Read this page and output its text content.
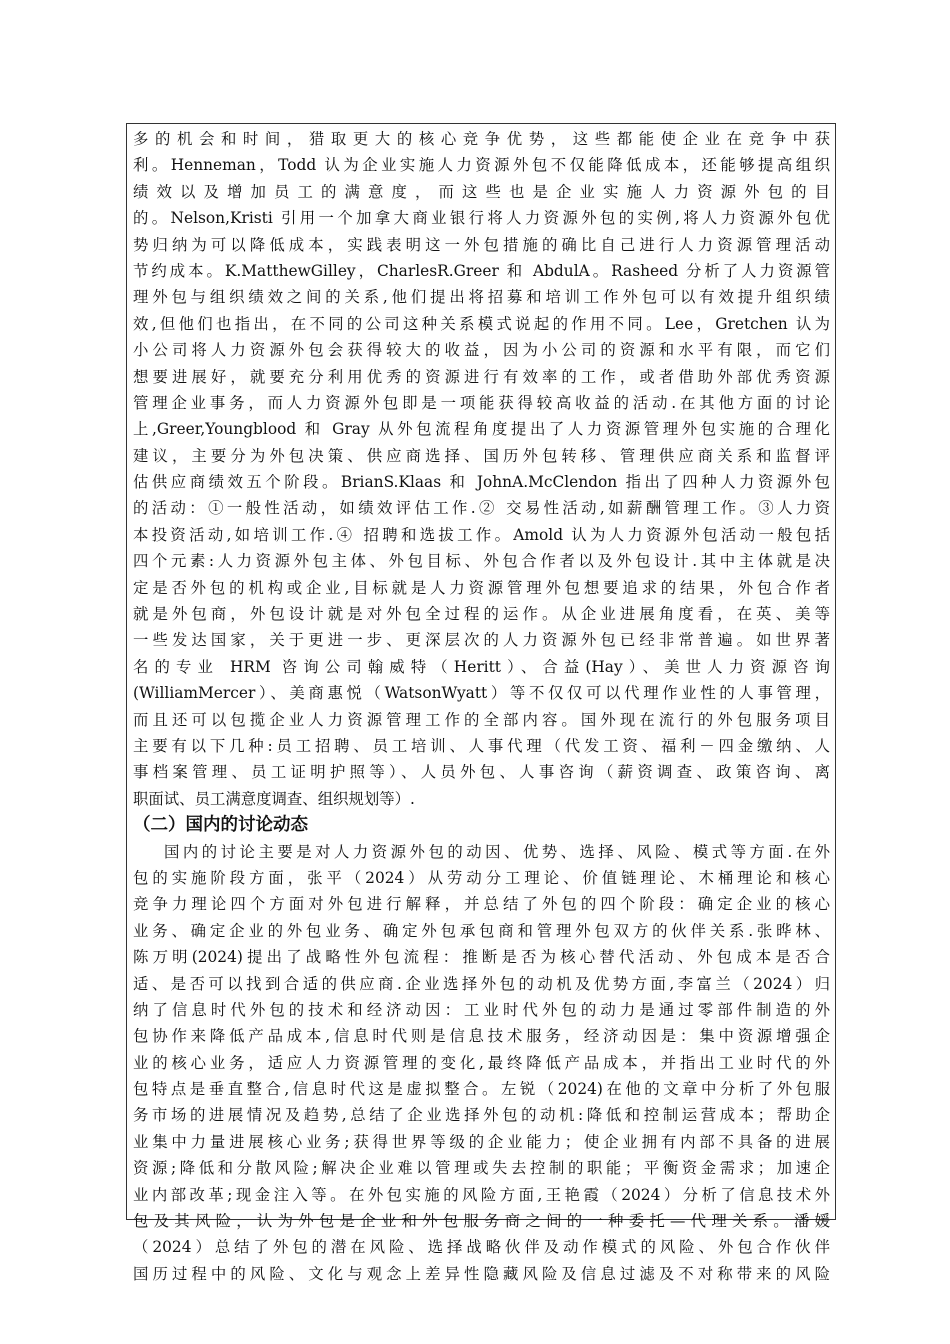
多的机会和时间，猎取更大的核心竞争优势，这些都能使企业在竞争中获
利。Henneman，Todd 认为企业实施人力资源外包不仅能降低成本，还能够提高组织
绩效以及增加员工的满意度，而这些也是企业实施人力资源外包的目
的。Nelson,Kristi 引用一个加拿大商业银行将人力资源外包的实例,将人力资源外包优
势归纳为可以降低成本，实践表明这一外包措施的确比自己进行人力资源管理活动
节约成本。K.MatthewGilley，CharlesR.Greer 和 AbdulA。Rasheed 分析了人力资源管
理外包与组织绩效之间的关系,他们提出将招募和培训工作外包可以有效提升组织绩
效,但他们也指出，在不同的公司这种关系模式说起的作用不同。Lee，Gretchen 认为
小公司将人力资源外包会获得较大的收益，因为小公司的资源和水平有限，而它们
想要进展好，就要充分利用优秀的资源进行有效率的工作，或者借助外部优秀资源
管理企业事务，而人力资源外包即是一项能获得较高收益的活动.在其他方面的讨论
上,Greer,Youngblood 和 Gray 从外包流程角度提出了人力资源管理外包实施的合理化
建议，主要分为外包决策、供应商选择、国历外包转移、管理供应商关系和监督评
估供应商绩效五个阶段。BrianS.Klaas 和 JohnA.McClendon 指出了四种人力资源外包
的活动：①一般性活动，如绩效评估工作.② 交易性活动,如薪酬管理工作。③人力资
本投资活动,如培训工作.④ 招聘和选拔工作。Amold 认为人力资源外包活动一般包括
四个元素:人力资源外包主体、外包目标、外包合作者以及外包设计.其中主体就是决
定是否外包的机构或企业,目标就是人力资源管理外包想要追求的结果，外包合作者
就是外包商，外包设计就是对外包全过程的运作。从企业进展角度看，在英、美等
一些发达国家，关于更进一步、更深层次的人力资源外包已经非常普遍。如世界著
名的专业 HRM 咨询公司翰威特（Heritt）、合益(Hay）、美世人力资源咨询
(WilliamMercer）、美商惠悦（WatsonWyatt）等不仅仅可以代理作业性的人事管理，
而且还可以包揽企业人力资源管理工作的全部内容。国外现在流行的外包服务项目
主要有以下几种:员工招聘、员工培训、人事代理（代发工资、福利－四金缴纳、人
事档案管理、员工证明护照等）、人员外包、人事咨询（薪资调查、政策咨询、离
职面试、员工满意度调查、组织规划等）.
（二）国内的讨论动态
国内的讨论主要是对人力资源外包的动因、优势、选择、风险、模式等方面.在外
包的实施阶段方面，张平（2024）从劳动分工理论、价值链理论、木桶理论和核心
竞争力理论四个方面对外包进行解释，并总结了外包的四个阶段：确定企业的核心
业务、确定企业的外包业务、确定外包承包商和管理外包双方的伙伴关系.张晔林、
陈万明(2024)提出了战略性外包流程：推断是否为核心替代活动、外包成本是否合
适、是否可以找到合适的供应商.企业选择外包的动机及优势方面,李富兰（2024）归
纳了信息时代外包的技术和经济动因：工业时代外包的动力是通过零部件制造的外
包协作来降低产品成本,信息时代则是信息技术服务，经济动因是：集中资源增强企
业的核心业务，适应人力资源管理的变化,最终降低产品成本，并指出工业时代的外
包特点是垂直整合,信息时代这是虚拟整合。左锐（2024)在他的文章中分析了外包服
务市场的进展情况及趋势,总结了企业选择外包的动机:降低和控制运营成本；帮助企
业集中力量进展核心业务;获得世界等级的企业能力；使企业拥有内部不具备的进展
资源;降低和分散风险;解决企业难以管理或失去控制的职能；平衡资金需求；加速企
业内部改革;现金注入等。在外包实施的风险方面,王艳霞（2024）分析了信息技术外
包及其风险，认为外包是企业和外包服务商之间的一种委托—代理关系。潘媛
（2024）总结了外包的潜在风险、选择战略伙伴及动作模式的风险、外包合作伙伴
国历过程中的风险、文化与观念上差异性隐藏风险及信息过滤及不对称带来的风险
